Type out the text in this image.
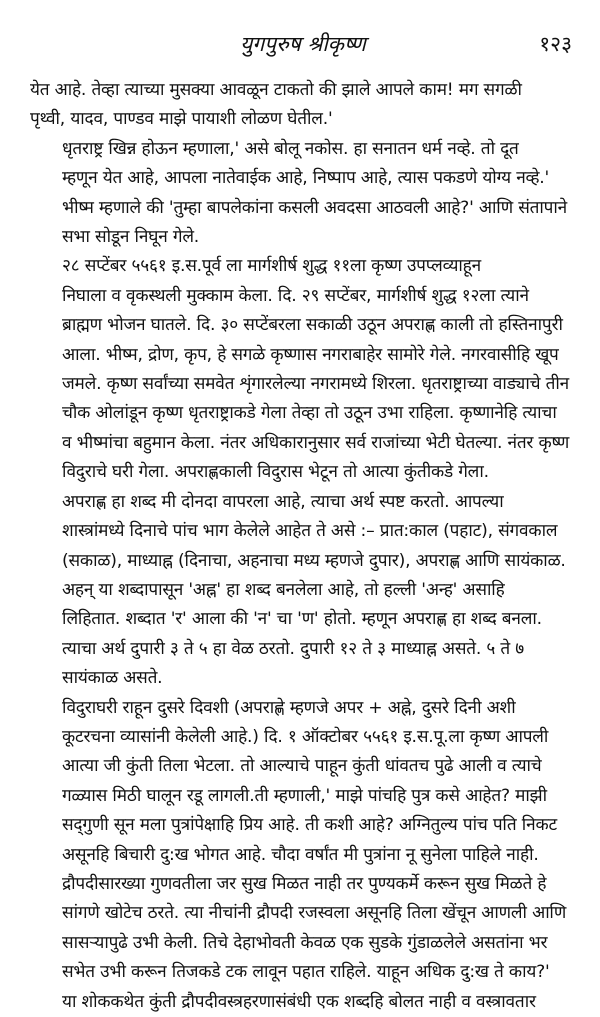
युगपुरुष श्रीकृष्ण	१२३

येत आहे. तेव्हा त्याच्या मुसक्या आवळून टाकतो की झाले आपले काम! मग सगळी
पृथ्वी, यादव, पाण्डव माझे पायाशी लोळण घेतील.'

धृतराष्ट्र खिन्न होऊन म्हणाला,' असे बोलू नकोस. हा सनातन धर्म नव्हे. तो दूत
म्हणून येत आहे, आपला नातेवाईक आहे, निष्पाप आहे, त्यास पकडणे योग्य नव्हे.'
भीष्म म्हणाले की 'तुम्हा बापलेकांना कसली अवदसा आठवली आहे?' आणि संतापाने
सभा सोडून निघून गेले.

२८ सप्टेंबर ५५६१ इ.स.पूर्व ला मार्गशीर्ष शुद्ध ११ला कृष्ण उपप्लव्याहून
निघाला व वृकस्थली मुक्काम केला. दि. २९ सप्टेंबर, मार्गशीर्ष शुद्ध १२ला त्याने
ब्राह्मण भोजन घातले. दि. ३० सप्टेंबरला सकाळी उठून अपराह्ण काली तो हस्तिनापुरी
आला. भीष्म, द्रोण, कृप, हे सगळे कृष्णास नगराबाहेर सामोरे गेले. नगरवासीहि खूप
जमले. कृष्ण सर्वांच्या समवेत शृंगारलेल्या नगरामध्ये शिरला. धृतराष्ट्राच्या वाड्याचे तीन
चौक ओलांडून कृष्ण धृतराष्ट्राकडे गेला तेव्हा तो उठून उभा राहिला. कृष्णानेहि त्याचा
व भीष्मांचा बहुमान केला. नंतर अधिकारानुसार सर्व राजांच्या भेटी घेतल्या. नंतर कृष्ण
विदुराचे घरी गेला. अपराह्णकाली विदुरास भेटून तो आत्या कुंतीकडे गेला.

अपराह्ण हा शब्द मी दोनदा वापरला आहे, त्याचा अर्थ स्पष्ट करतो. आपल्या
शास्त्रांमध्ये दिनाचे पांच भाग केलेले आहेत ते असे :– प्रात:काल (पहाट), संगवकाल
(सकाळ), माध्याह्न (दिनाचा, अहनाचा मध्य म्हणजे दुपार), अपराह्ण आणि सायंकाळ.
अहन् या शब्दापासून 'अह्न' हा शब्द बनलेला आहे, तो हल्ली 'अन्ह' असाहि
लिहितात. शब्दात 'र' आला की 'न' चा 'ण' होतो. म्हणून अपराह्ण हा शब्द बनला.
त्याचा अर्थ दुपारी ३ ते ५ हा वेळ ठरतो. दुपारी १२ ते ३ माध्याह्न असते. ५ ते ७
सायंकाळ असते.

विदुराघरी राहून दुसरे दिवशी (अपराह्णे म्हणजे अपर + अह्ने, दुसरे दिनी अशी
कूटरचना व्यासांनी केलेली आहे.) दि. १ ऑक्टोबर ५५६१ इ.स.पू.ला कृष्ण आपली
आत्या जी कुंती तिला भेटला. तो आल्याचे पाहून कुंती धांवतच पुढे आली व त्याचे
गळ्यास मिठी घालून रडू लागली.ती म्हणाली,' माझे पांचहि पुत्र कसे आहेत? माझी
सद्‌गुणी सून मला पुत्रांपेक्षाहि प्रिय आहे. ती कशी आहे? अग्नितुल्य पांच पति निकट
असूनहि बिचारी दु:ख भोगत आहे. चौदा वर्षांत मी पुत्रांना नू सुनेला पाहिले नाही.
द्रौपदीसारख्या गुणवतीला जर सुख मिळत नाही तर पुण्यकर्मे करून सुख मिळते हे
सांगणे खोटेच ठरते. त्या नीचांनी द्रौपदी रजस्वला असूनहि तिला खेंचून आणली आणि
सासऱ्यापुढे उभी केली. तिचे देहाभोवती केवळ एक सुडके गुंडाळलेले असतांना भर
सभेत उभी करून तिजकडे टक लावून पहात राहिले. याहून अधिक दु:ख ते काय?'

या शोककथेत कुंती द्रौपदीवस्त्रहरणासंबंधी एक शब्दहि बोलत नाही व वस्त्रावतार
